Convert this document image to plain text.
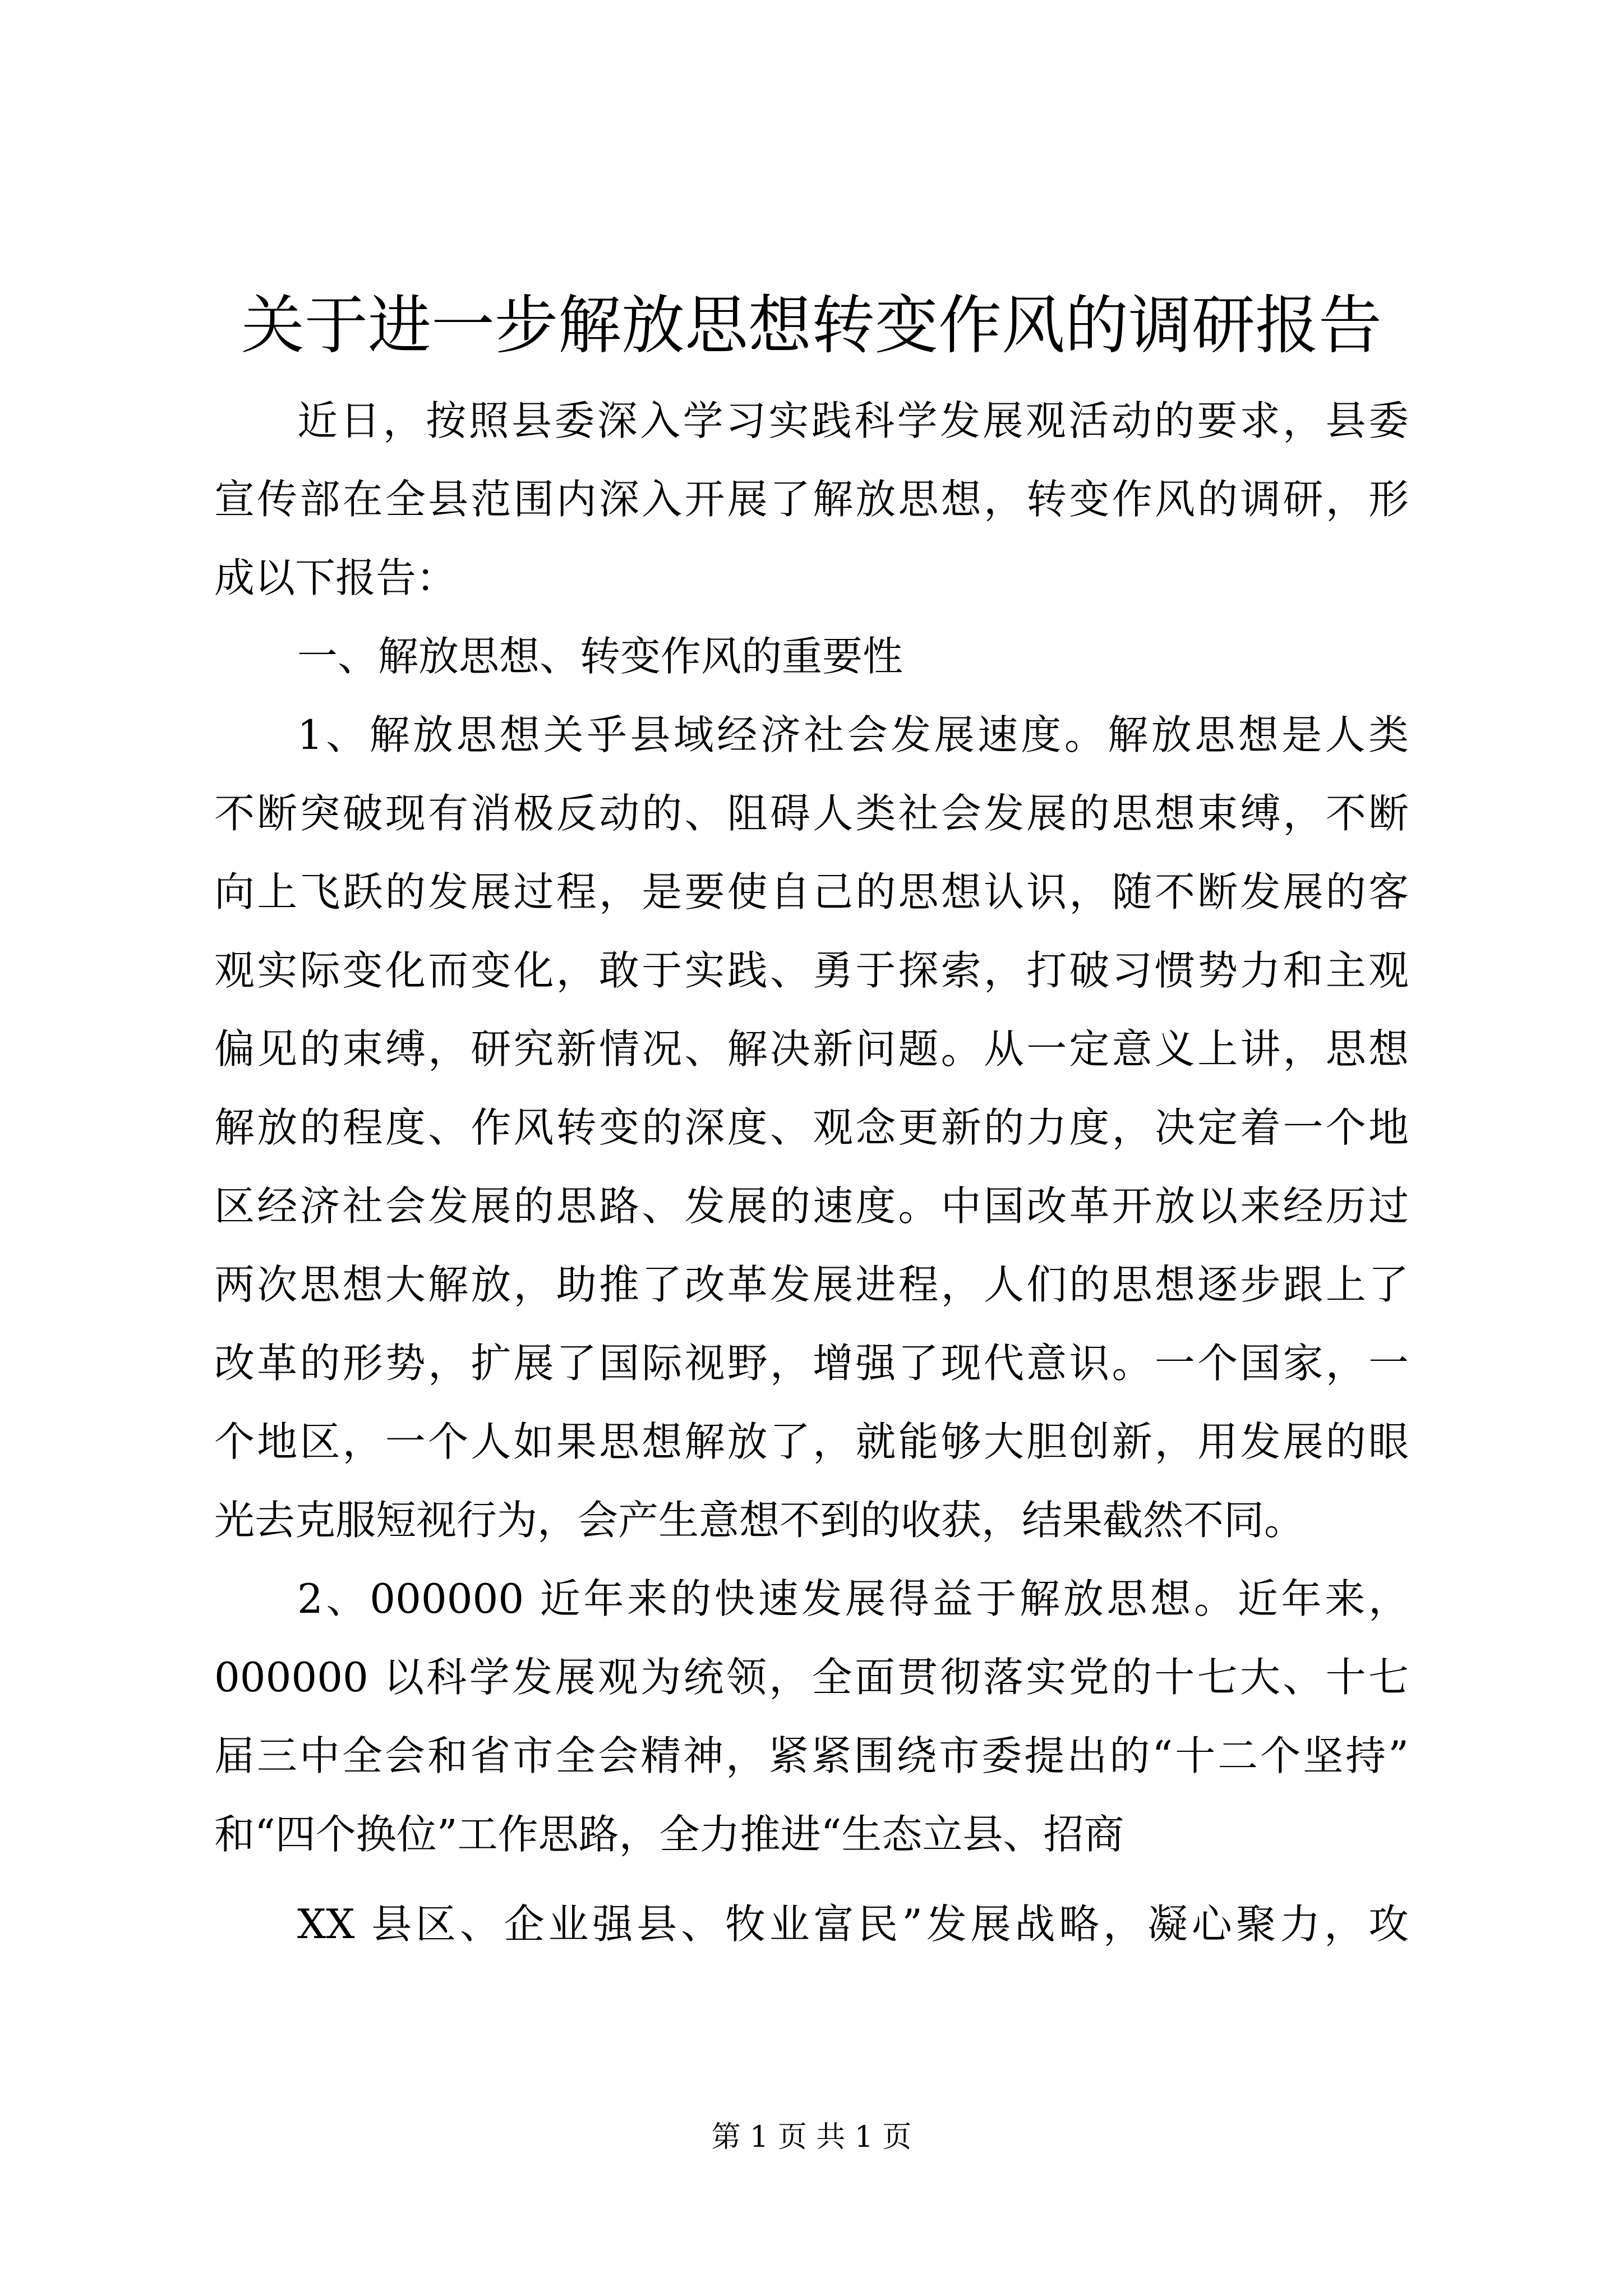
关于进一步解放思想转变作风的调研报告
近日，按照县委深入学习实践科学发展观活动的要求，县委
宣传部在全县范围内深入开展了解放思想，转变作风的调研，形
成以下报告：
一、解放思想、转变作风的重要性
1、解放思想关乎县域经济社会发展速度。解放思想是人类
不断突破现有消极反动的、阻碍人类社会发展的思想束缚，不断
向上飞跃的发展过程，是要使自己的思想认识，随不断发展的客
观实际变化而变化，敢于实践、勇于探索，打破习惯势力和主观
偏见的束缚，研究新情况、解决新问题。从一定意义上讲，思想
解放的程度、作风转变的深度、观念更新的力度，决定着一个地
区经济社会发展的思路、发展的速度。中国改革开放以来经历过
两次思想大解放，助推了改革发展进程，人们的思想逐步跟上了
改革的形势，扩展了国际视野，增强了现代意识。一个国家，一
个地区，一个人如果思想解放了，就能够大胆创新，用发展的眼
光去克服短视行为，会产生意想不到的收获，结果截然不同。
2、000000 近年来的快速发展得益于解放思想。近年来，
000000 以科学发展观为统领，全面贯彻落实党的十七大、十七
届三中全会和省市全会精神，紧紧围绕市委提出的“十二个坚持”
和“四个换位”工作思路，全力推进“生态立县、招商
XX 县区、企业强县、牧业富民”发展战略，凝心聚力，攻
第 1 页 共 1 页
